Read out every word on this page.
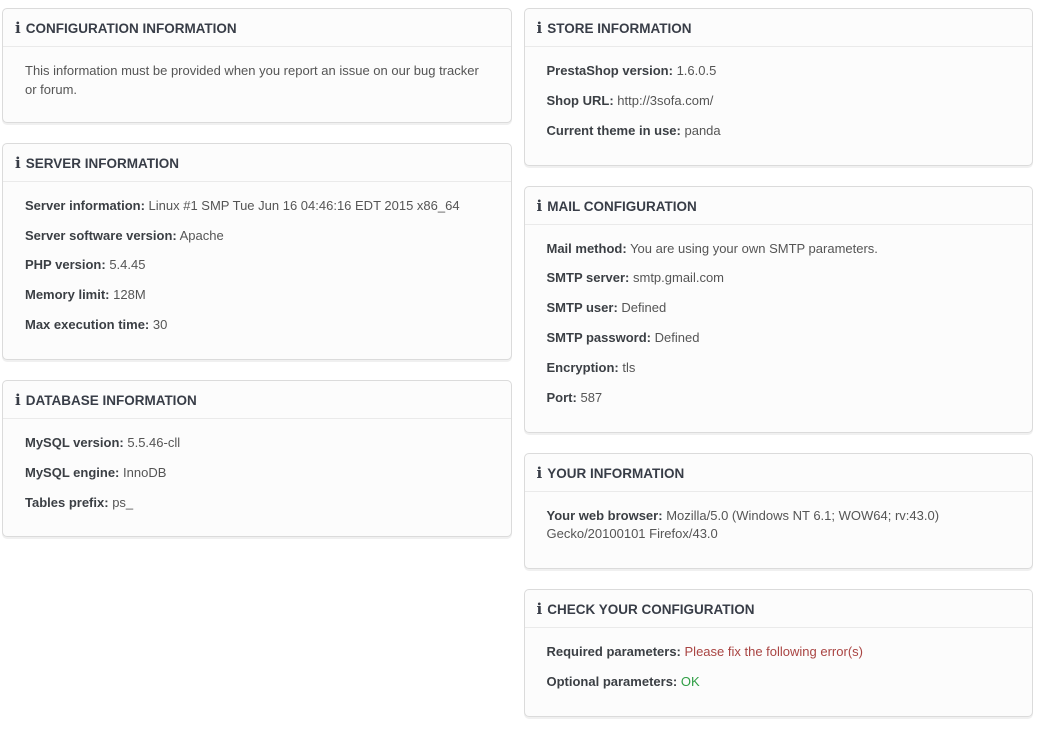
i CONFIGURATION INFORMATION
This information must be provided when you report an issue on our bug tracker or forum.
i SERVER INFORMATION
Server information: Linux #1 SMP Tue Jun 16 04:46:16 EDT 2015 x86_64
Server software version: Apache
PHP version: 5.4.45
Memory limit: 128M
Max execution time: 30
i DATABASE INFORMATION
MySQL version: 5.5.46-cll
MySQL engine: InnoDB
Tables prefix: ps_
i STORE INFORMATION
PrestaShop version: 1.6.0.5
Shop URL: http://3sofa.com/
Current theme in use: panda
i MAIL CONFIGURATION
Mail method: You are using your own SMTP parameters.
SMTP server: smtp.gmail.com
SMTP user: Defined
SMTP password: Defined
Encryption: tls
Port: 587
i YOUR INFORMATION
Your web browser: Mozilla/5.0 (Windows NT 6.1; WOW64; rv:43.0) Gecko/20100101 Firefox/43.0
i CHECK YOUR CONFIGURATION
Required parameters: Please fix the following error(s)
Optional parameters: OK
